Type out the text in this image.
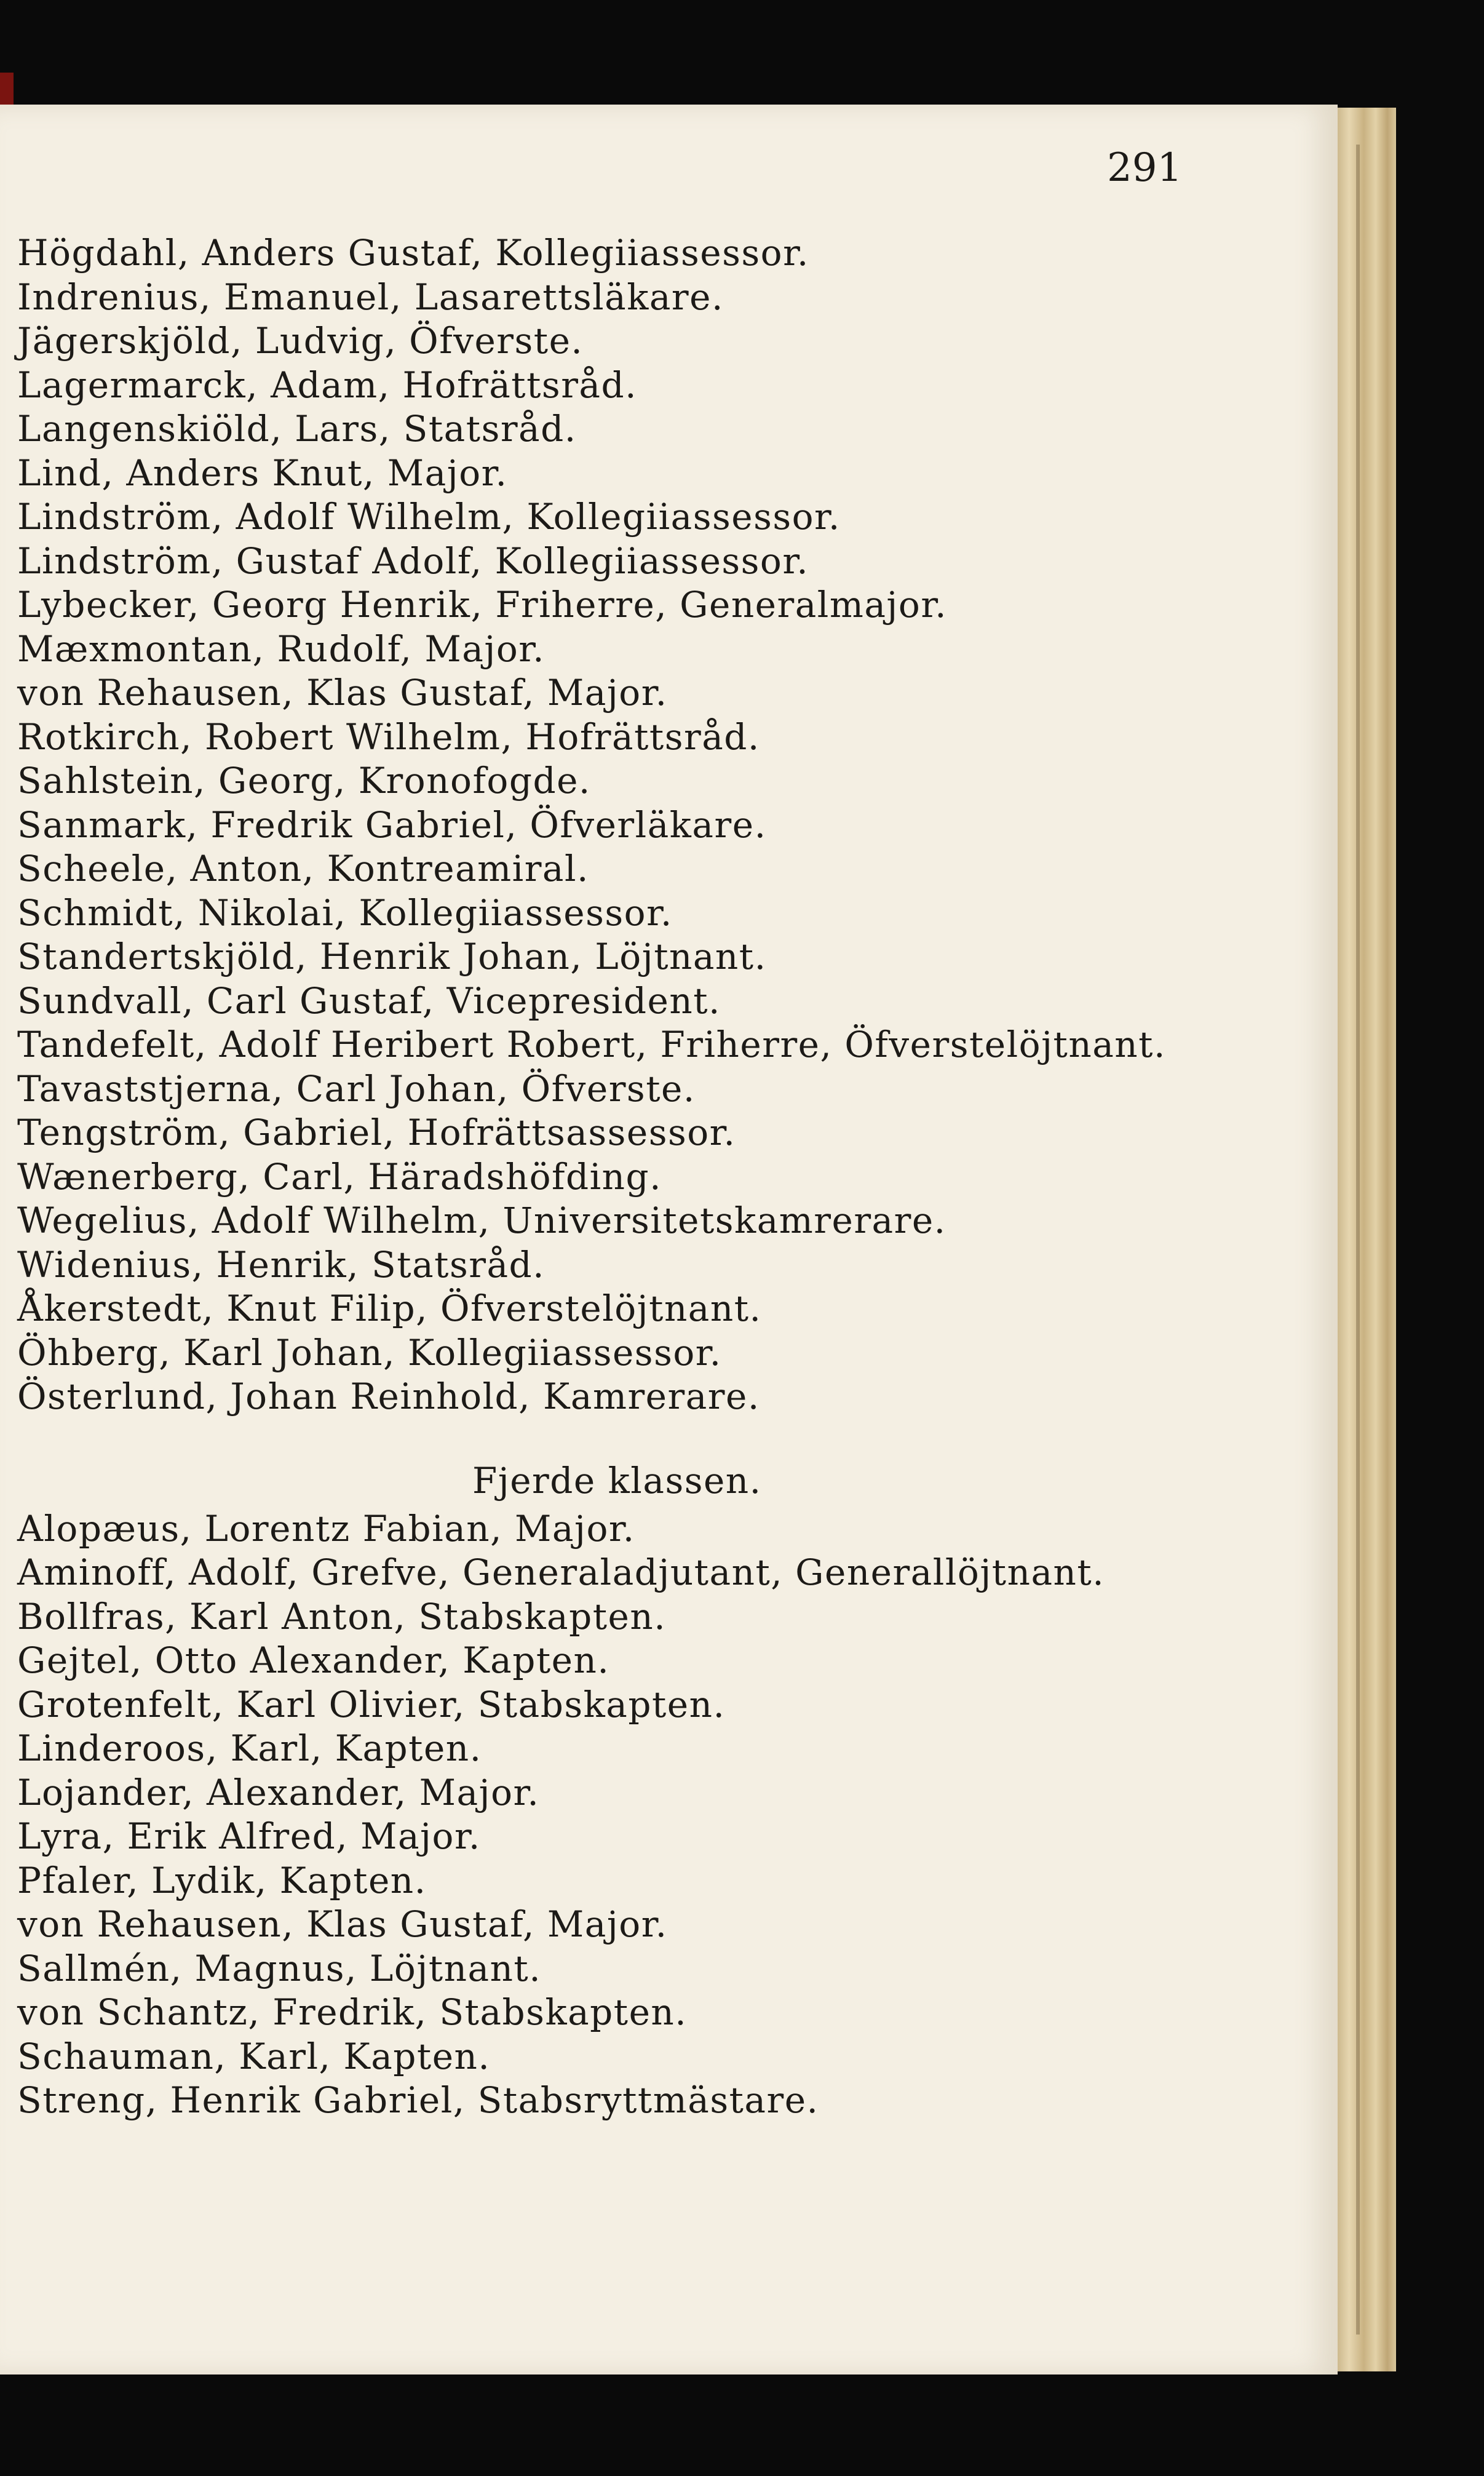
291
Högdahl, Anders Gustaf, Kollegiiassessor.
Indrenius, Emanuel, Lasarettsläkare.
Jägerskjöld, Ludvig, Öfverste.
Lagermarck, Adam, Hofrättsråd.
Langenskiöld, Lars, Statsråd.
Lind, Anders Knut, Major.
Lindström, Adolf Wilhelm, Kollegiiassessor.
Lindström, Gustaf Adolf, Kollegiiassessor.
Lybecker, Georg Henrik, Friherre, Generalmajor.
Mæxmontan, Rudolf, Major.
von Rehausen, Klas Gustaf, Major.
Rotkirch, Robert Wilhelm, Hofrättsråd.
Sahlstein, Georg, Kronofogde.
Sanmark, Fredrik Gabriel, Öfverläkare.
Scheele, Anton, Kontreamiral.
Schmidt, Nikolai, Kollegiiassessor.
Standertskjöld, Henrik Johan, Löjtnant.
Sundvall, Carl Gustaf, Vicepresident.
Tandefelt, Adolf Heribert Robert, Friherre, Öfverstelöjtnant.
Tavaststjerna, Carl Johan, Öfverste.
Tengström, Gabriel, Hofrättsassessor.
Wænerberg, Carl, Häradshöfding.
Wegelius, Adolf Wilhelm, Universitetskamrerare.
Widenius, Henrik, Statsråd.
Åkerstedt, Knut Filip, Öfverstelöjtnant.
Öhberg, Karl Johan, Kollegiiassessor.
Österlund, Johan Reinhold, Kamrerare.
Fjerde klassen.
Alopæus, Lorentz Fabian, Major.
Aminoff, Adolf, Grefve, Generaladjutant, Generallöjtnant.
Bollfras, Karl Anton, Stabskapten.
Gejtel, Otto Alexander, Kapten.
Grotenfelt, Karl Olivier, Stabskapten.
Linderoos, Karl, Kapten.
Lojander, Alexander, Major.
Lyra, Erik Alfred, Major.
Pfaler, Lydik, Kapten.
von Rehausen, Klas Gustaf, Major.
Sallmén, Magnus, Löjtnant.
von Schantz, Fredrik, Stabskapten.
Schauman, Karl, Kapten.
Streng, Henrik Gabriel, Stabsryttmästare.
